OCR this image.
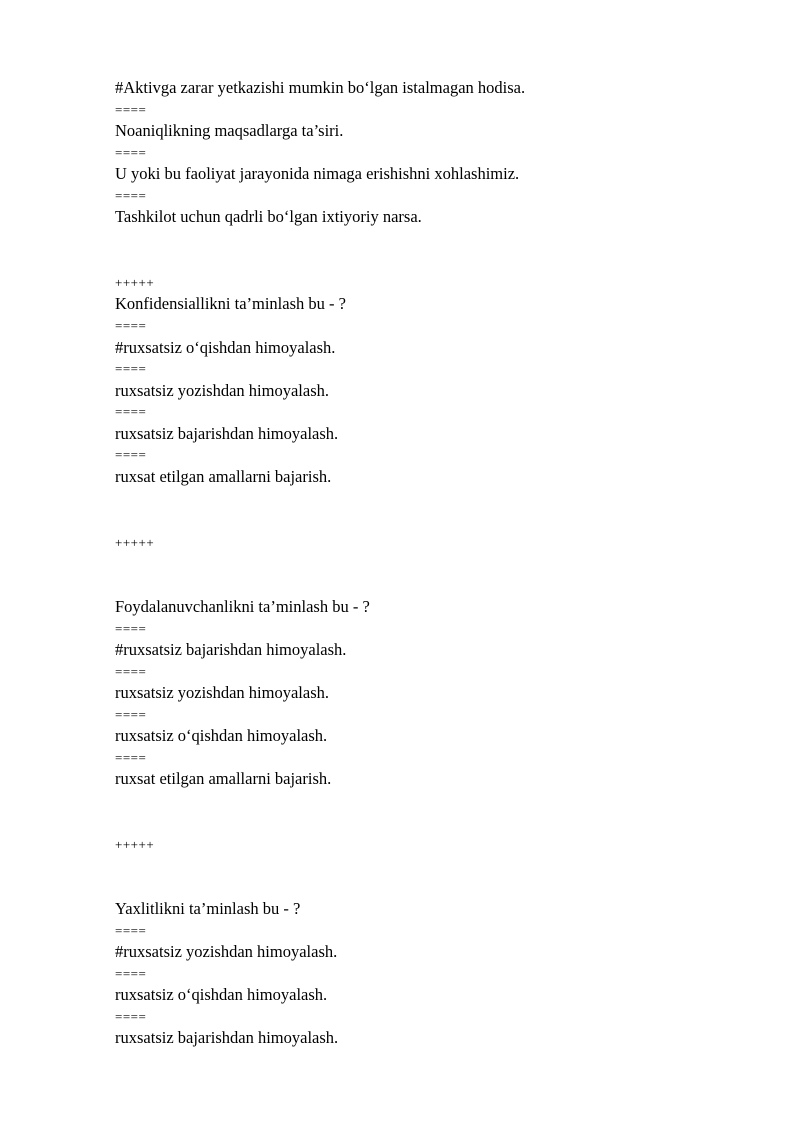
#Aktivga zarar yetkazishi mumkin bo‘lgan istalmagan hodisa.
====
Noaniqlikning maqsadlarga ta’siri.
====
U yoki bu faoliyat jarayonida nimaga erishishni xohlashimiz.
====
Tashkilot uchun qadrli bo‘lgan ixtiyoriy narsa.
+++++
Konfidensiallikni ta’minlash bu - ?
====
#ruxsatsiz o‘qishdan himoyalash.
====
ruxsatsiz yozishdan himoyalash.
====
ruxsatsiz bajarishdan himoyalash.
====
ruxsat etilgan amallarni bajarish.
+++++
Foydalanuvchanlikni ta’minlash bu - ?
====
#ruxsatsiz bajarishdan himoyalash.
====
ruxsatsiz yozishdan himoyalash.
====
ruxsatsiz o‘qishdan himoyalash.
====
ruxsat etilgan amallarni bajarish.
+++++
Yaxlitlikni ta’minlash bu - ?
====
#ruxsatsiz yozishdan himoyalash.
====
ruxsatsiz o‘qishdan himoyalash.
====
ruxsatsiz bajarishdan himoyalash.
